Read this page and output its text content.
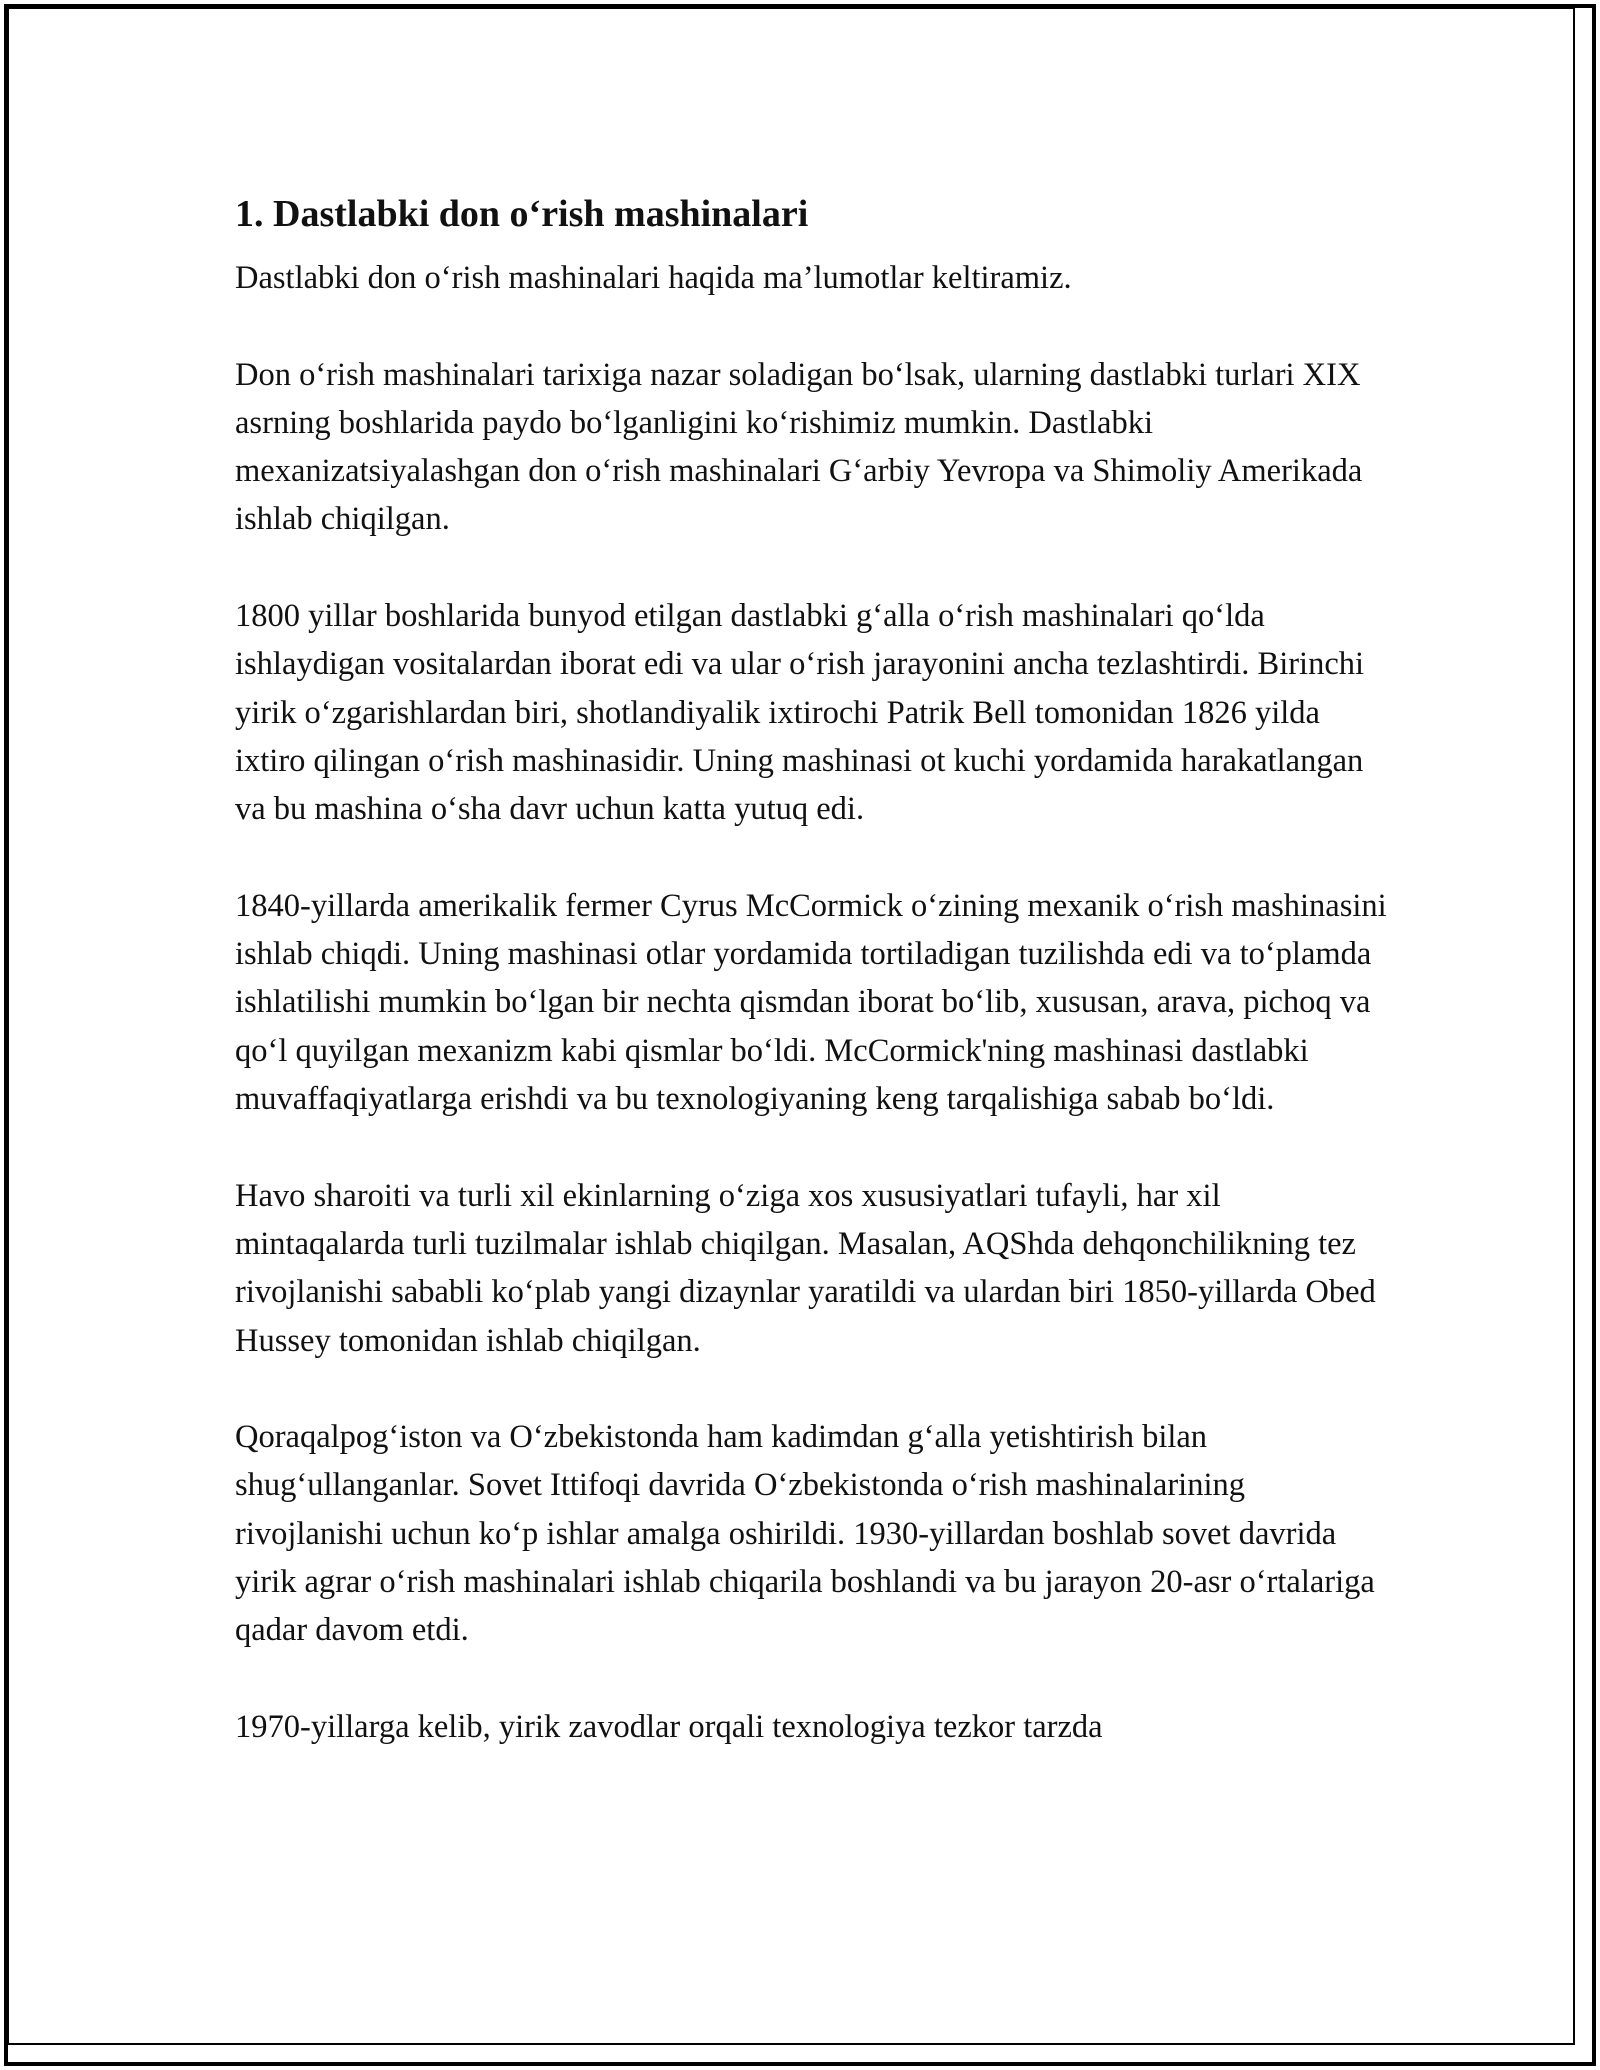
1. Dastlabki don o‘rish mashinalari

Dastlabki don o‘rish mashinalari haqida ma’lumotlar keltiramiz.

Don o‘rish mashinalari tarixiga nazar soladigan bo‘lsak, ularning dastlabki turlari XIX asrning boshlarida paydo bo‘lganligini ko‘rishimiz mumkin. Dastlabki mexanizatsiyalashgan don o‘rish mashinalari G‘arbiy Yevropa va Shimoliy Amerikada ishlab chiqilgan.

1800 yillar boshlarida bunyod etilgan dastlabki g‘alla o‘rish mashinalari qo‘lda ishlaydigan vositalardan iborat edi va ular o‘rish jarayonini ancha tezlashtirdi. Birinchi yirik o‘zgarishlardan biri, shotlandiyalik ixtirochi Patrik Bell tomonidan 1826 yilda ixtiro qilingan o‘rish mashinasidir. Uning mashinasi ot kuchi yordamida harakatlangan va bu mashina o‘sha davr uchun katta yutuq edi.

1840-yillarda amerikalik fermer Cyrus McCormick o‘zining mexanik o‘rish mashinasini ishlab chiqdi. Uning mashinasi otlar yordamida tortiladigan tuzilishda edi va to‘plamda ishlatilishi mumkin bo‘lgan bir nechta qismdan iborat bo‘lib, xususan, arava, pichoq va qo‘l quyilgan mexanizm kabi qismlar bo‘ldi. McCormick'ning mashinasi dastlabki muvaffaqiyatlarga erishdi va bu texnologiyaning keng tarqalishiga sabab bo‘ldi.

Havo sharoiti va turli xil ekinlarning o‘ziga xos xususiyatlari tufayli, har xil mintaqalarda turli tuzilmalar ishlab chiqilgan. Masalan, AQShda dehqonchilikning tez rivojlanishi sababli ko‘plab yangi dizaynlar yaratildi va ulardan biri 1850-yillarda Obed Hussey tomonidan ishlab chiqilgan.

Qoraqalpog‘iston va O‘zbekistonda ham kadimdan g‘alla yetishtirish bilan shug‘ullanganlar. Sovet Ittifoqi davrida O‘zbekistonda o‘rish mashinalarining rivojlanishi uchun ko‘p ishlar amalga oshirildi. 1930-yillardan boshlab sovet davrida yirik agrar o‘rish mashinalari ishlab chiqarila boshlandi va bu jarayon 20-asr o‘rtalariga qadar davom etdi.

1970-yillarga kelib, yirik zavodlar orqali texnologiya tezkor tarzda
